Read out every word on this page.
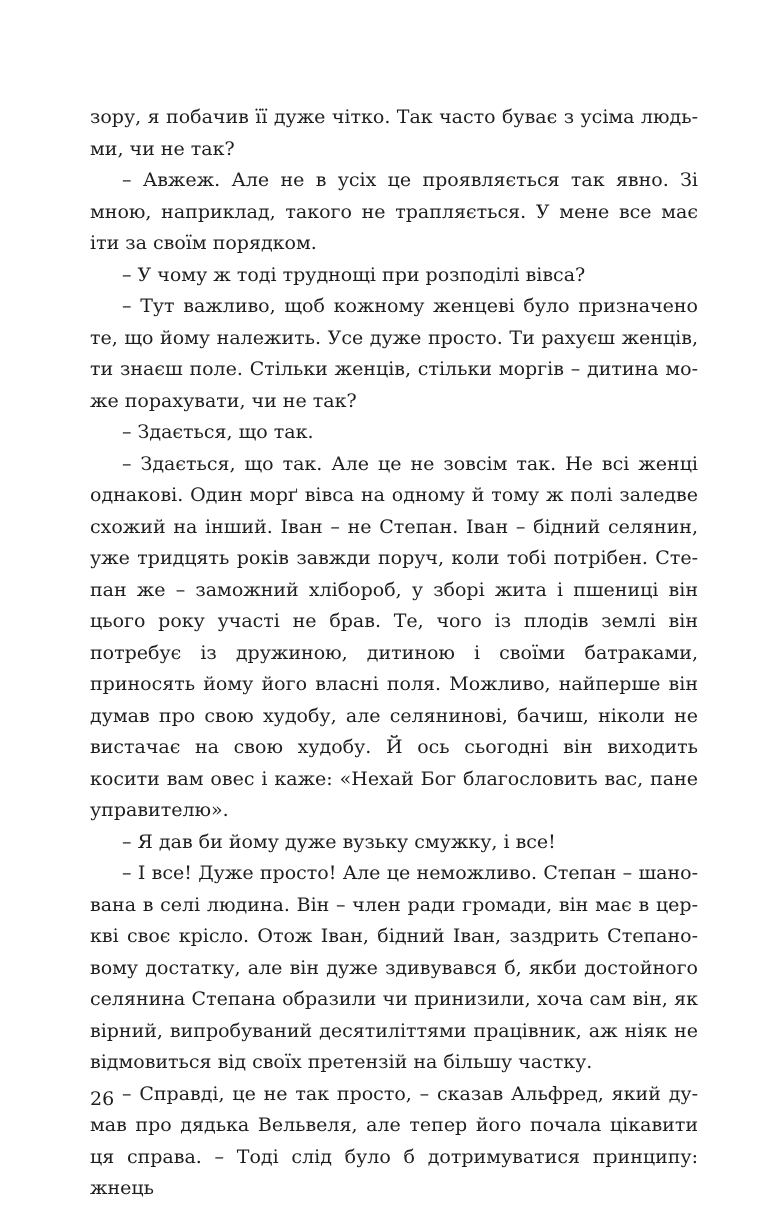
зору, я побачив її дуже чітко. Так часто буває з усіма людьми, чи не так?

– Авжеж. Але не в усіх це проявляється так явно. Зі мною, наприклад, такого не трапляється. У мене все має іти за своїм порядком.

– У чому ж тоді труднощі при розподілі вівса?

– Тут важливо, щоб кожному женцеві було призначено те, що йому належить. Усе дуже просто. Ти рахуєш женців, ти знаєш поле. Стільки женців, стільки моргів – дитина може порахувати, чи не так?

– Здається, що так.

– Здається, що так. Але це не зовсім так. Не всі женці однакові. Один морґ вівса на одному й тому ж полі заледве схожий на інший. Іван – не Степан. Іван – бідний селянин, уже тридцять років завжди поруч, коли тобі потрібен. Степан же – заможний хлібороб, у зборі жита і пшениці він цього року участі не брав. Те, чого із плодів землі він потребує із дружиною, дитиною і своїми батраками, приносять йому його власні поля. Можливо, найперше він думав про свою худобу, але селянинові, бачиш, ніколи не вистачає на свою худобу. Й ось сьогодні він виходить косити вам овес і каже: «Нехай Бог благословить вас, пане управителю».

– Я дав би йому дуже вузьку смужку, і все!

– І все! Дуже просто! Але це неможливо. Степан – шанована в селі людина. Він – член ради громади, він має в церкві своє крісло. Отож Іван, бідний Іван, заздрить Степановому достатку, але він дуже здивувався б, якби достойного селянина Степана образили чи принизили, хоча сам він, як вірний, випробуваний десятиліттями працівник, аж ніяк не відмовиться від своїх претензій на більшу частку.

– Справді, це не так просто, – сказав Альфред, який думав про дядька Вельвеля, але тепер його почала цікавити ця справа. – Тоді слід було б дотримуватися принципу: жнець

26
